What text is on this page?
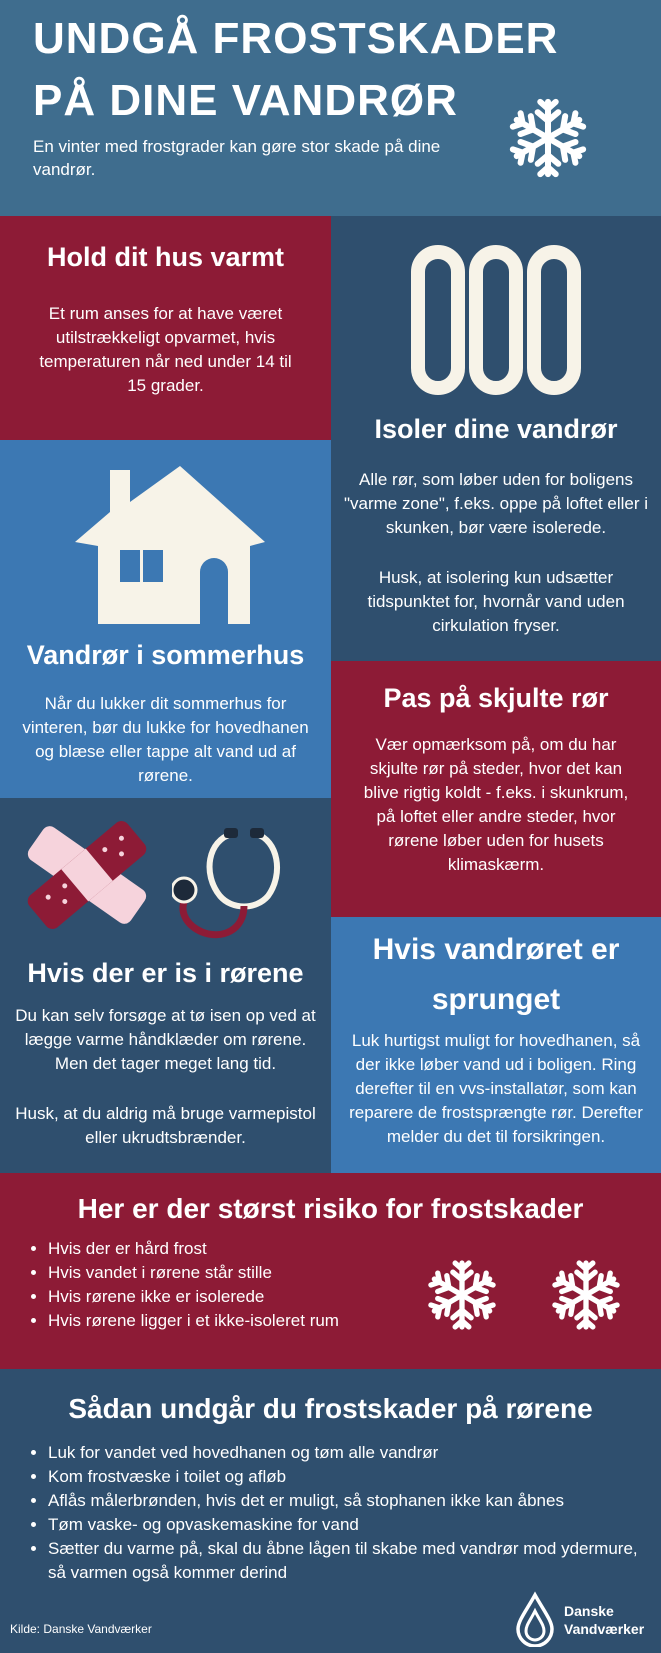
UNDGÅ FROSTSKADER
PÅ DINE VANDRØR
En vinter med frostgrader kan gøre stor skade på dine vandrør.
Hold dit hus varmt

Et rum anses for at have været utilstrækkeligt opvarmet, hvis temperaturen når ned under 14 til 15 grader.

Isoler dine vandrør

Alle rør, som løber uden for boligens "varme zone", f.eks. oppe på loftet eller i skunken, bør være isolerede.

Husk, at isolering kun udsætter tidspunktet for, hvornår vand uden cirkulation fryser.

Vandrør i sommerhus

Når du lukker dit sommerhus for vinteren, bør du lukke for hovedhanen og blæse eller tappe alt vand ud af rørene.

Pas på skjulte rør

Vær opmærksom på, om du har skjulte rør på steder, hvor det kan blive rigtig koldt - f.eks. i skunkrum, på loftet eller andre steder, hvor rørene løber uden for husets klimaskærm.

Hvis der er is i rørene

Du kan selv forsøge at tø isen op ved at lægge varme håndklæder om rørene. Men det tager meget lang tid.

Husk, at du aldrig må bruge varmepistol eller ukrudtsbrænder.

Hvis vandrøret er sprunget

Luk hurtigst muligt for hovedhanen, så der ikke løber vand ud i boligen. Ring derefter til en vvs-installatør, som kan reparere de frostsprængte rør. Derefter melder du det til forsikringen.

Her er der størst risiko for frostskader
• Hvis der er hård frost
• Hvis vandet i rørene står stille
• Hvis rørene ikke er isolerede
• Hvis rørene ligger i et ikke-isoleret rum
Sådan undgår du frostskader på rørene
• Luk for vandet ved hovedhanen og tøm alle vandrør
• Kom frostvæske i toilet og afløb
• Aflås målerbrønden, hvis det er muligt, så stophanen ikke kan åbnes
• Tøm vaske- og opvaskemaskine for vand
• Sætter du varme på, skal du åbne lågen til skabe med vandrør mod ydermure, så varmen også kommer derind
Kilde: Danske Vandværker
Danske
Vandværker
